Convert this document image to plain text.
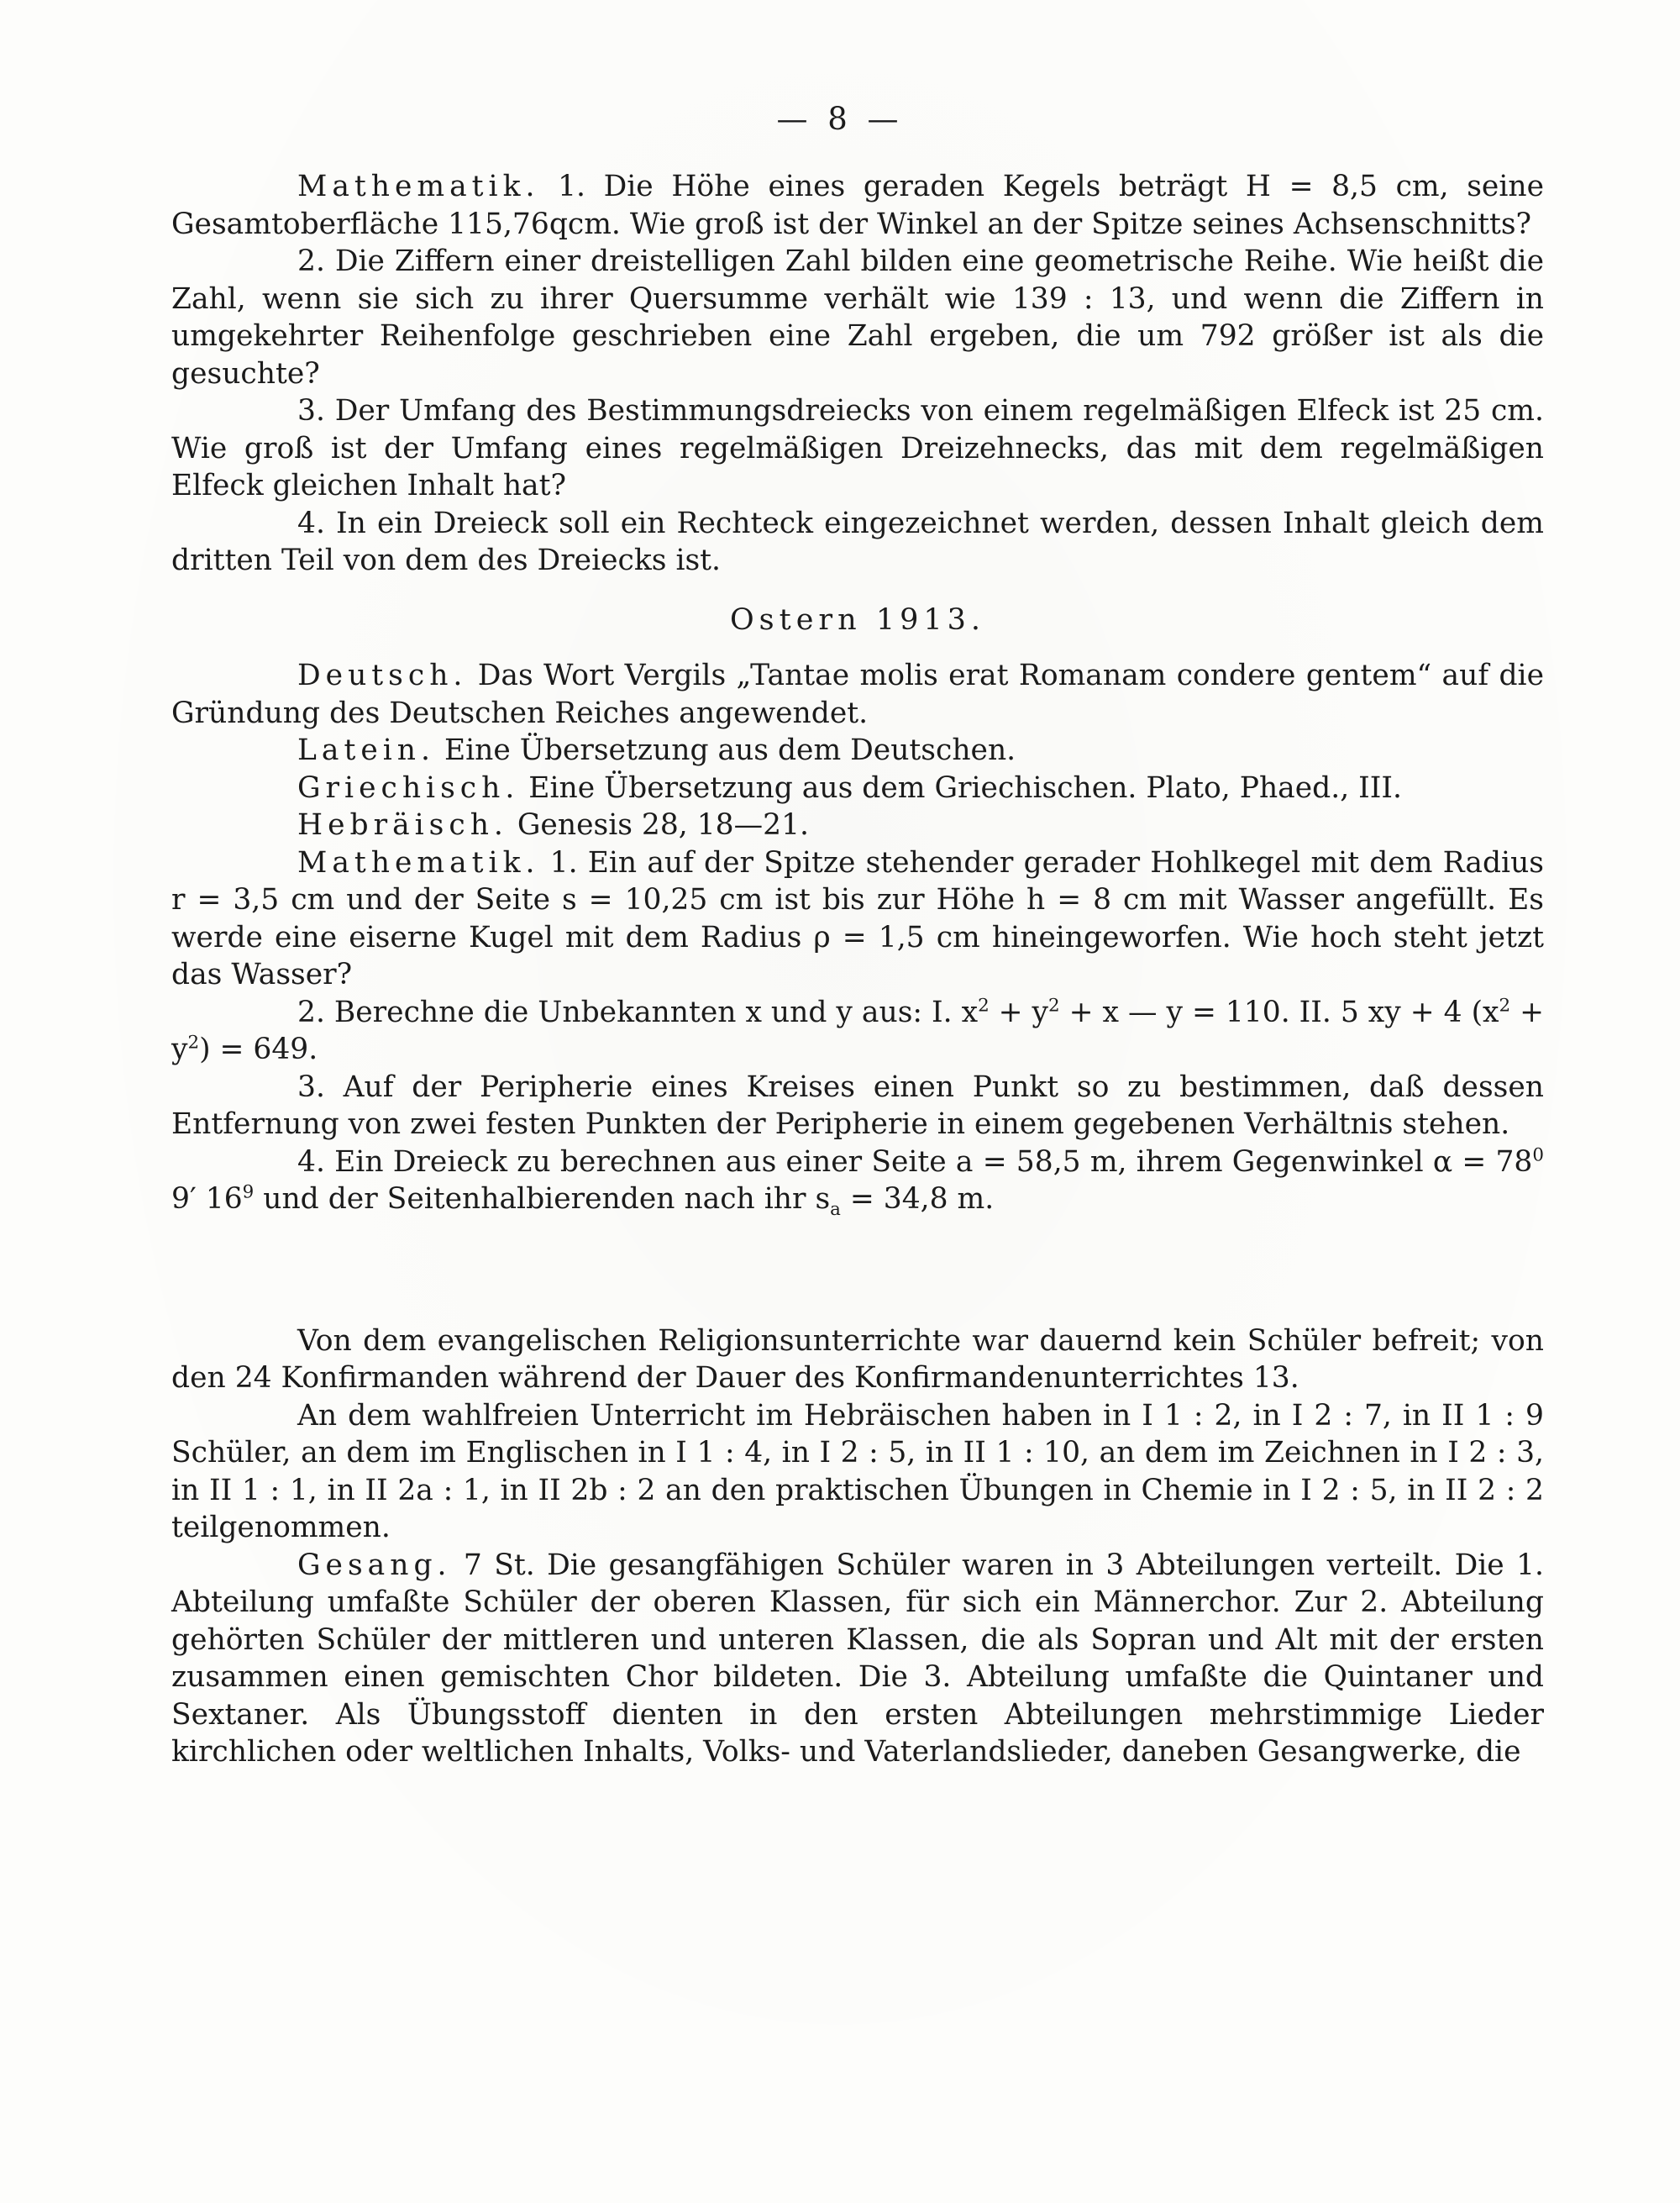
— 8 —

Mathematik. 1. Die Höhe eines geraden Kegels beträgt H = 8,5 cm, seine Gesamtoberfläche 115,76qcm. Wie groß ist der Winkel an der Spitze seines Achsenschnitts?

2. Die Ziffern einer dreistelligen Zahl bilden eine geometrische Reihe. Wie heißt die Zahl, wenn sie sich zu ihrer Quersumme verhält wie 139 : 13, und wenn die Ziffern in umgekehrter Reihenfolge geschrieben eine Zahl ergeben, die um 792 größer ist als die gesuchte?

3. Der Umfang des Bestimmungsdreiecks von einem regelmäßigen Elfeck ist 25 cm. Wie groß ist der Umfang eines regelmäßigen Dreizehnecks, das mit dem regelmäßigen Elfeck gleichen Inhalt hat?

4. In ein Dreieck soll ein Rechteck eingezeichnet werden, dessen Inhalt gleich dem dritten Teil von dem des Dreiecks ist.

Ostern 1913.

Deutsch. Das Wort Vergils „Tantae molis erat Romanam condere gentem“ auf die Gründung des Deutschen Reiches angewendet.

Latein. Eine Übersetzung aus dem Deutschen.

Griechisch. Eine Übersetzung aus dem Griechischen. Plato, Phaed., III.

Hebräisch. Genesis 28, 18—21.

Mathematik. 1. Ein auf der Spitze stehender gerader Hohlkegel mit dem Radius r = 3,5 cm und der Seite s = 10,25 cm ist bis zur Höhe h = 8 cm mit Wasser angefüllt. Es werde eine eiserne Kugel mit dem Radius ρ = 1,5 cm hineingeworfen. Wie hoch steht jetzt das Wasser?

2. Berechne die Unbekannten x und y aus: I. $x^2 + y^2 + x$ — y = 110. II. 5 xy + 4 $(x^2 + y^2) = 649$.

3. Auf der Peripherie eines Kreises einen Punkt so zu bestimmen, daß dessen Entfernung von zwei festen Punkten der Peripherie in einem gegebenen Verhältnis stehen.

4. Ein Dreieck zu berechnen aus einer Seite a = 58,5 m, ihrem Gegenwinkel $\alpha = 78^0$ 9′ $16^9$ und der Seitenhalbierenden nach ihr $s_a = 34,8$ m.

Von dem evangelischen Religionsunterrichte war dauernd kein Schüler befreit; von den 24 Konfirmanden während der Dauer des Konfirmandenunterrichtes 13.

An dem wahlfreien Unterricht im Hebräischen haben in I 1 : 2, in I 2 : 7, in II 1 : 9 Schüler, an dem im Englischen in I 1 : 4, in I 2 : 5, in II 1 : 10, an dem im Zeichnen in I 2 : 3, in II 1 : 1, in II 2a : 1, in II 2b : 2 an den praktischen Übungen in Chemie in I 2 : 5, in II 2 : 2 teilgenommen.

Gesang. 7 St. Die gesangfähigen Schüler waren in 3 Abteilungen verteilt. Die 1. Abteilung umfaßte Schüler der oberen Klassen, für sich ein Männerchor. Zur 2. Abteilung gehörten Schüler der mittleren und unteren Klassen, die als Sopran und Alt mit der ersten zusammen einen gemischten Chor bildeten. Die 3. Abteilung umfaßte die Quintaner und Sextaner. Als Übungsstoff dienten in den ersten Abteilungen mehrstimmige Lieder kirchlichen oder weltlichen Inhalts, Volks- und Vaterlandslieder, daneben Gesangwerke, die
